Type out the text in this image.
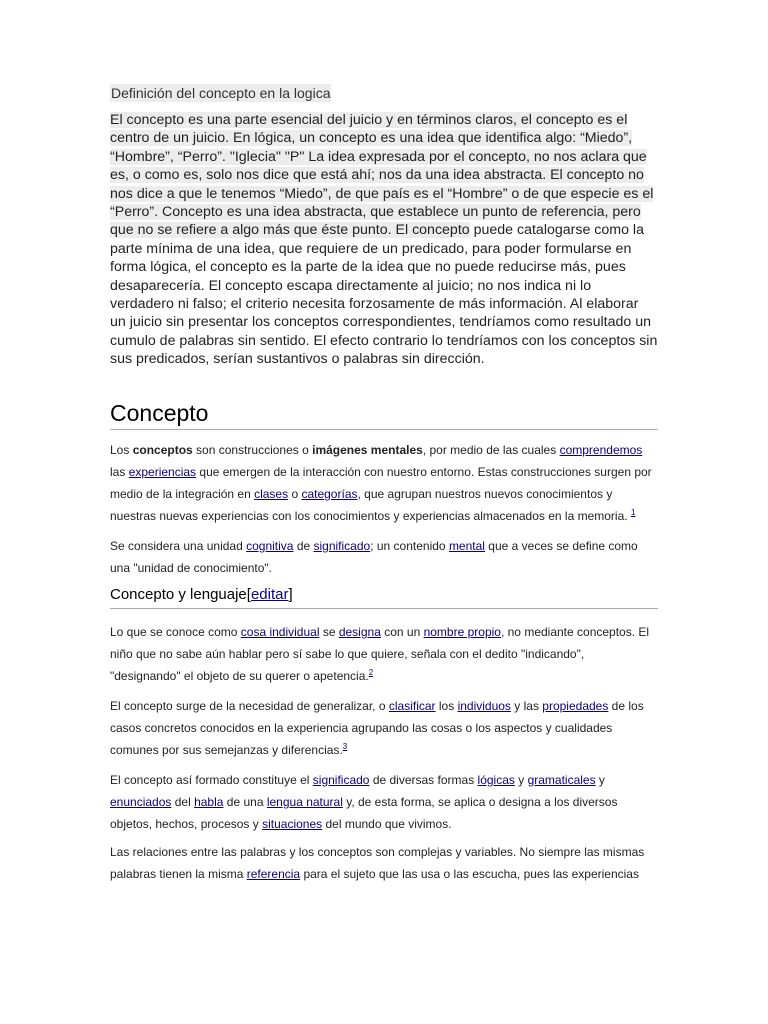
Definición del concepto en la logica

El concepto es una parte esencial del juicio y en términos claros, el concepto es el centro de un juicio. En lógica, un concepto es una idea que identifica algo: “Miedo”, “Hombre”, “Perro”. "Iglecia" "P" La idea expresada por el concepto, no nos aclara que es, o como es, solo nos dice que está ahí; nos da una idea abstracta. El concepto no nos dice a que le tenemos “Miedo”, de que país es el “Hombre” o de que especie es el “Perro”. Concepto es una idea abstracta, que establece un punto de referencia, pero que no se refiere a algo más que éste punto. El concepto puede catalogarse como la parte mínima de una idea, que requiere de un predicado, para poder formularse en forma lógica, el concepto es la parte de la idea que no puede reducirse más, pues desaparecería. El concepto escapa directamente al juicio; no nos indica ni lo verdadero ni falso; el criterio necesita forzosamente de más información. Al elaborar un juicio sin presentar los conceptos correspondientes, tendríamos como resultado un cumulo de palabras sin sentido. El efecto contrario lo tendríamos con los conceptos sin sus predicados, serían sustantivos o palabras sin dirección.

Concepto

Los conceptos son construcciones o imágenes mentales, por medio de las cuales comprendemos las experiencias que emergen de la interacción con nuestro entorno. Estas construcciones surgen por medio de la integración en clases o categorías, que agrupan nuestros nuevos conocimientos y nuestras nuevas experiencias con los conocimientos y experiencias almacenados en la memoria. $^1$

Se considera una unidad cognitiva de significado; un contenido mental que a veces se define como una "unidad de conocimiento".

Concepto y lenguaje[editar]

Lo que se conoce como cosa individual se designa con un nombre propio, no mediante conceptos. El niño que no sabe aún hablar pero sí sabe lo que quiere, señala con el dedito "indicando", "designando" el objeto de su querer o apetencia.$^2$

El concepto surge de la necesidad de generalizar, o clasificar los individuos y las propiedades de los casos concretos conocidos en la experiencia agrupando las cosas o los aspectos y cualidades comunes por sus semejanzas y diferencias.$^3$

El concepto así formado constituye el significado de diversas formas lógicas y gramaticales y enunciados del habla de una lengua natural y, de esta forma, se aplica o designa a los diversos objetos, hechos, procesos y situaciones del mundo que vivimos.

Las relaciones entre las palabras y los conceptos son complejas y variables. No siempre las mismas palabras tienen la misma referencia para el sujeto que las usa o las escucha, pues las experiencias
